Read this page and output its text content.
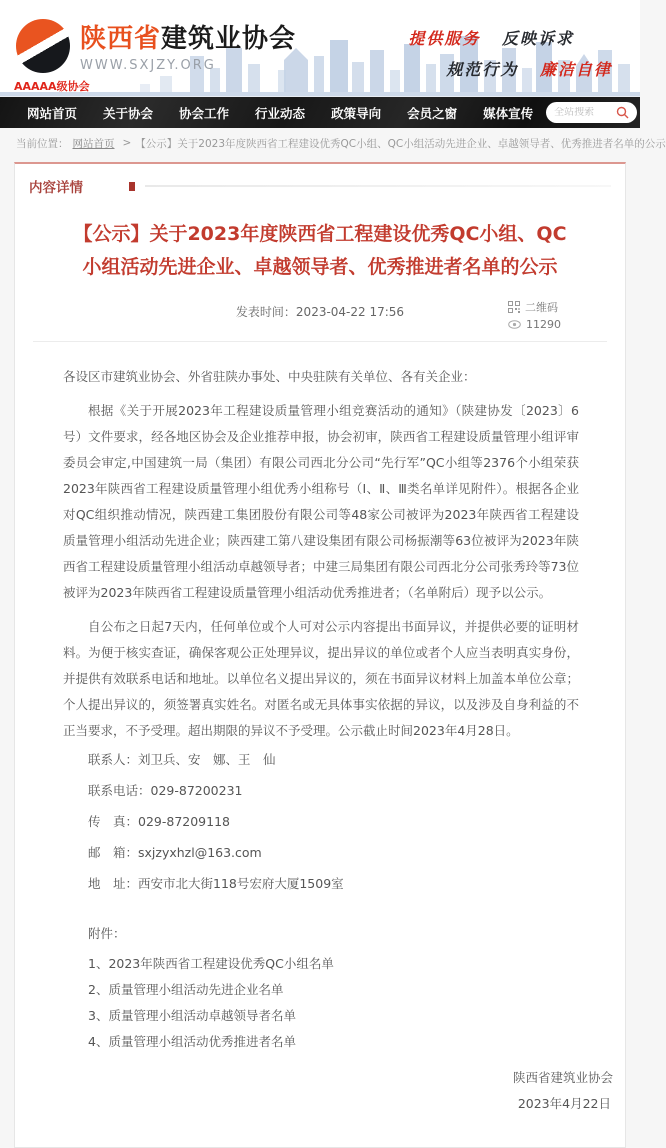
陕西省建筑业协会
WWW.SXJZY.ORG
AAAAA级协会
提供服务 反映诉求
规范行为 廉洁自律
网站首页 关于协会 协会工作 行业动态 政策导向 会员之窗 媒体宣传
全站搜索
当前位置： 网站首页 > 【公示】关于2023年度陕西省工程建设优秀QC小组、QC小组活动先进企业、卓越领导者、优秀推进者名单的公示
内容详情
【公示】关于2023年度陕西省工程建设优秀QC小组、QC小组活动先进企业、卓越领导者、优秀推进者名单的公示
发表时间：2023-04-22 17:56	二维码
11290

各设区市建筑业协会、外省驻陕办事处、中央驻陕有关单位、各有关企业：

根据《关于开展2023年工程建设质量管理小组竞赛活动的通知》（陕建协发〔2023〕6号）文件要求，经各地区协会及企业推荐申报，协会初审，陕西省工程建设质量管理小组评审委员会审定,中国建筑一局（集团）有限公司西北分公司“先行军”QC小组等2376个小组荣获2023年陕西省工程建设质量管理小组优秀小组称号（Ⅰ、Ⅱ、Ⅲ类名单详见附件）。根据各企业对QC组织推动情况，陕西建工集团股份有限公司等48家公司被评为2023年陕西省工程建设质量管理小组活动先进企业；陕西建工第八建设集团有限公司杨振潮等63位被评为2023年陕西省工程建设质量管理小组活动卓越领导者；中建三局集团有限公司西北分公司张秀玲等73位被评为2023年陕西省工程建设质量管理小组活动优秀推进者；（名单附后）现予以公示。

自公布之日起7天内，任何单位或个人可对公示内容提出书面异议，并提供必要的证明材料。为便于核实查证，确保客观公正处理异议，提出异议的单位或者个人应当表明真实身份，并提供有效联系电话和地址。以单位名义提出异议的，须在书面异议材料上加盖本单位公章；个人提出异议的，须签署真实姓名。对匿名或无具体事实依据的异议，以及涉及自身利益的不正当要求，不予受理。超出期限的异议不予受理。公示截止时间2023年4月28日。

联系人：刘卫兵、安　娜、王　仙

联系电话：029-87200231

传　真：029-87209118

邮　箱：sxjzyxhzl@163.com

地　址：西安市北大街118号宏府大厦1509室

附件：

1、2023年陕西省工程建设优秀QC小组名单

2、质量管理小组活动先进企业名单

3、质量管理小组活动卓越领导者名单

4、质量管理小组活动优秀推进者名单

陕西省建筑业协会
2023年4月22日
